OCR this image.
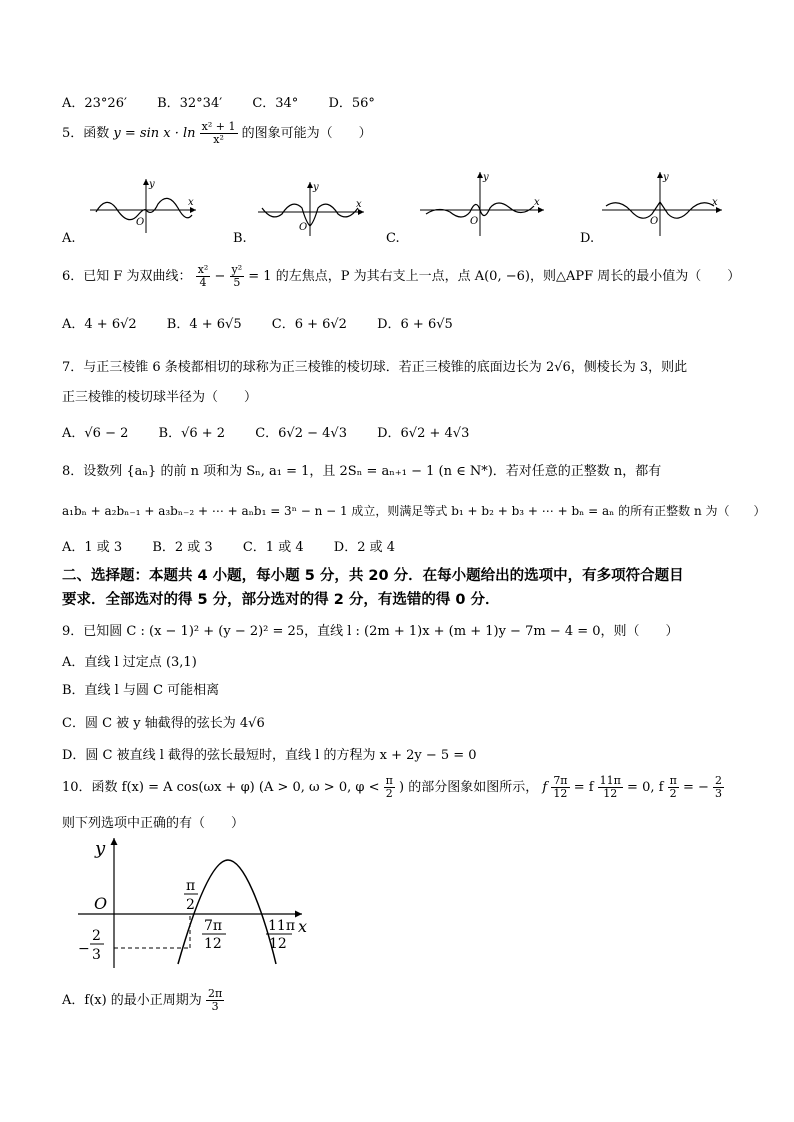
A．23°26′ B．32°34′ C．34° D．56°
5．函数 $y = \sin x \cdot \ln \frac{\text{x² + 1}}{\text{x²}}$ 的图象可能为（　　）
x
y
O
A.
x
y
O
B.
x
y
O
C.
x
y
O
D.
6．已知 F 为双曲线： $\frac{\text{x²}}{4} - \frac{\text{y²}}{5} = 1$ 的左焦点，P 为其右支上一点，点 A(0, −6)，则△APF 周长的最小值为（　　）
A．4 + 6√2 B．4 + 6√5 C．6 + 6√2 D．6 + 6√5
7．与正三棱锥 6 条棱都相切的球称为正三棱锥的棱切球．若正三棱锥的底面边长为 2√6，侧棱长为 3，则此
正三棱锥的棱切球半径为（　　）
A．√6 − 2 B．√6 + 2 C．6√2 − 4√3 D．6√2 + 4√3
8．设数列 {aₙ} 的前 n 项和为 Sₙ, a₁ = 1，且 2Sₙ = aₙ₊₁ − 1 (n ∈ N*)．若对任意的正整数 n，都有
a₁bₙ + a₂bₙ₋₁ + a₃bₙ₋₂ + ⋯ + aₙb₁ = 3ⁿ − n − 1 成立，则满足等式 b₁ + b₂ + b₃ + ⋯ + bₙ = aₙ 的所有正整数 n 为（　　）
A．1 或 3 B．2 或 3 C．1 或 4 D．2 或 4
二、选择题：本题共 4 小题，每小题 5 分，共 20 分．在每小题给出的选项中，有多项符合题目
要求．全部选对的得 5 分，部分选对的得 2 分，有选错的得 0 分．
9．已知圆 C : (x − 1)² + (y − 2)² = 25，直线 l : (2m + 1)x + (m + 1)y − 7m − 4 = 0，则（　　）
A．直线 l 过定点 (3,1)
B．直线 l 与圆 C 可能相离
C．圆 C 被 y 轴截得的弦长为 4√6
D．圆 C 被直线 l 截得的弦长最短时，直线 l 的方程为 x + 2y − 5 = 0
10．函数 f(x) = A cos(ωx + φ) (A > 0, ω > 0, $\varphi < \frac{\pi}{2}$ ) 的部分图象如图所示， f $\frac{7\pi}{12} = f \frac{11\pi}{12} = 0$, f $\frac{\pi}{2}$ = − $\frac{2}{3}$
则下列选项中正确的有（　　）
y
x
O
π
2
7π
12
11π
12
−
2
3
A．f(x) 的最小正周期为 $\frac{2\pi}{3}$
